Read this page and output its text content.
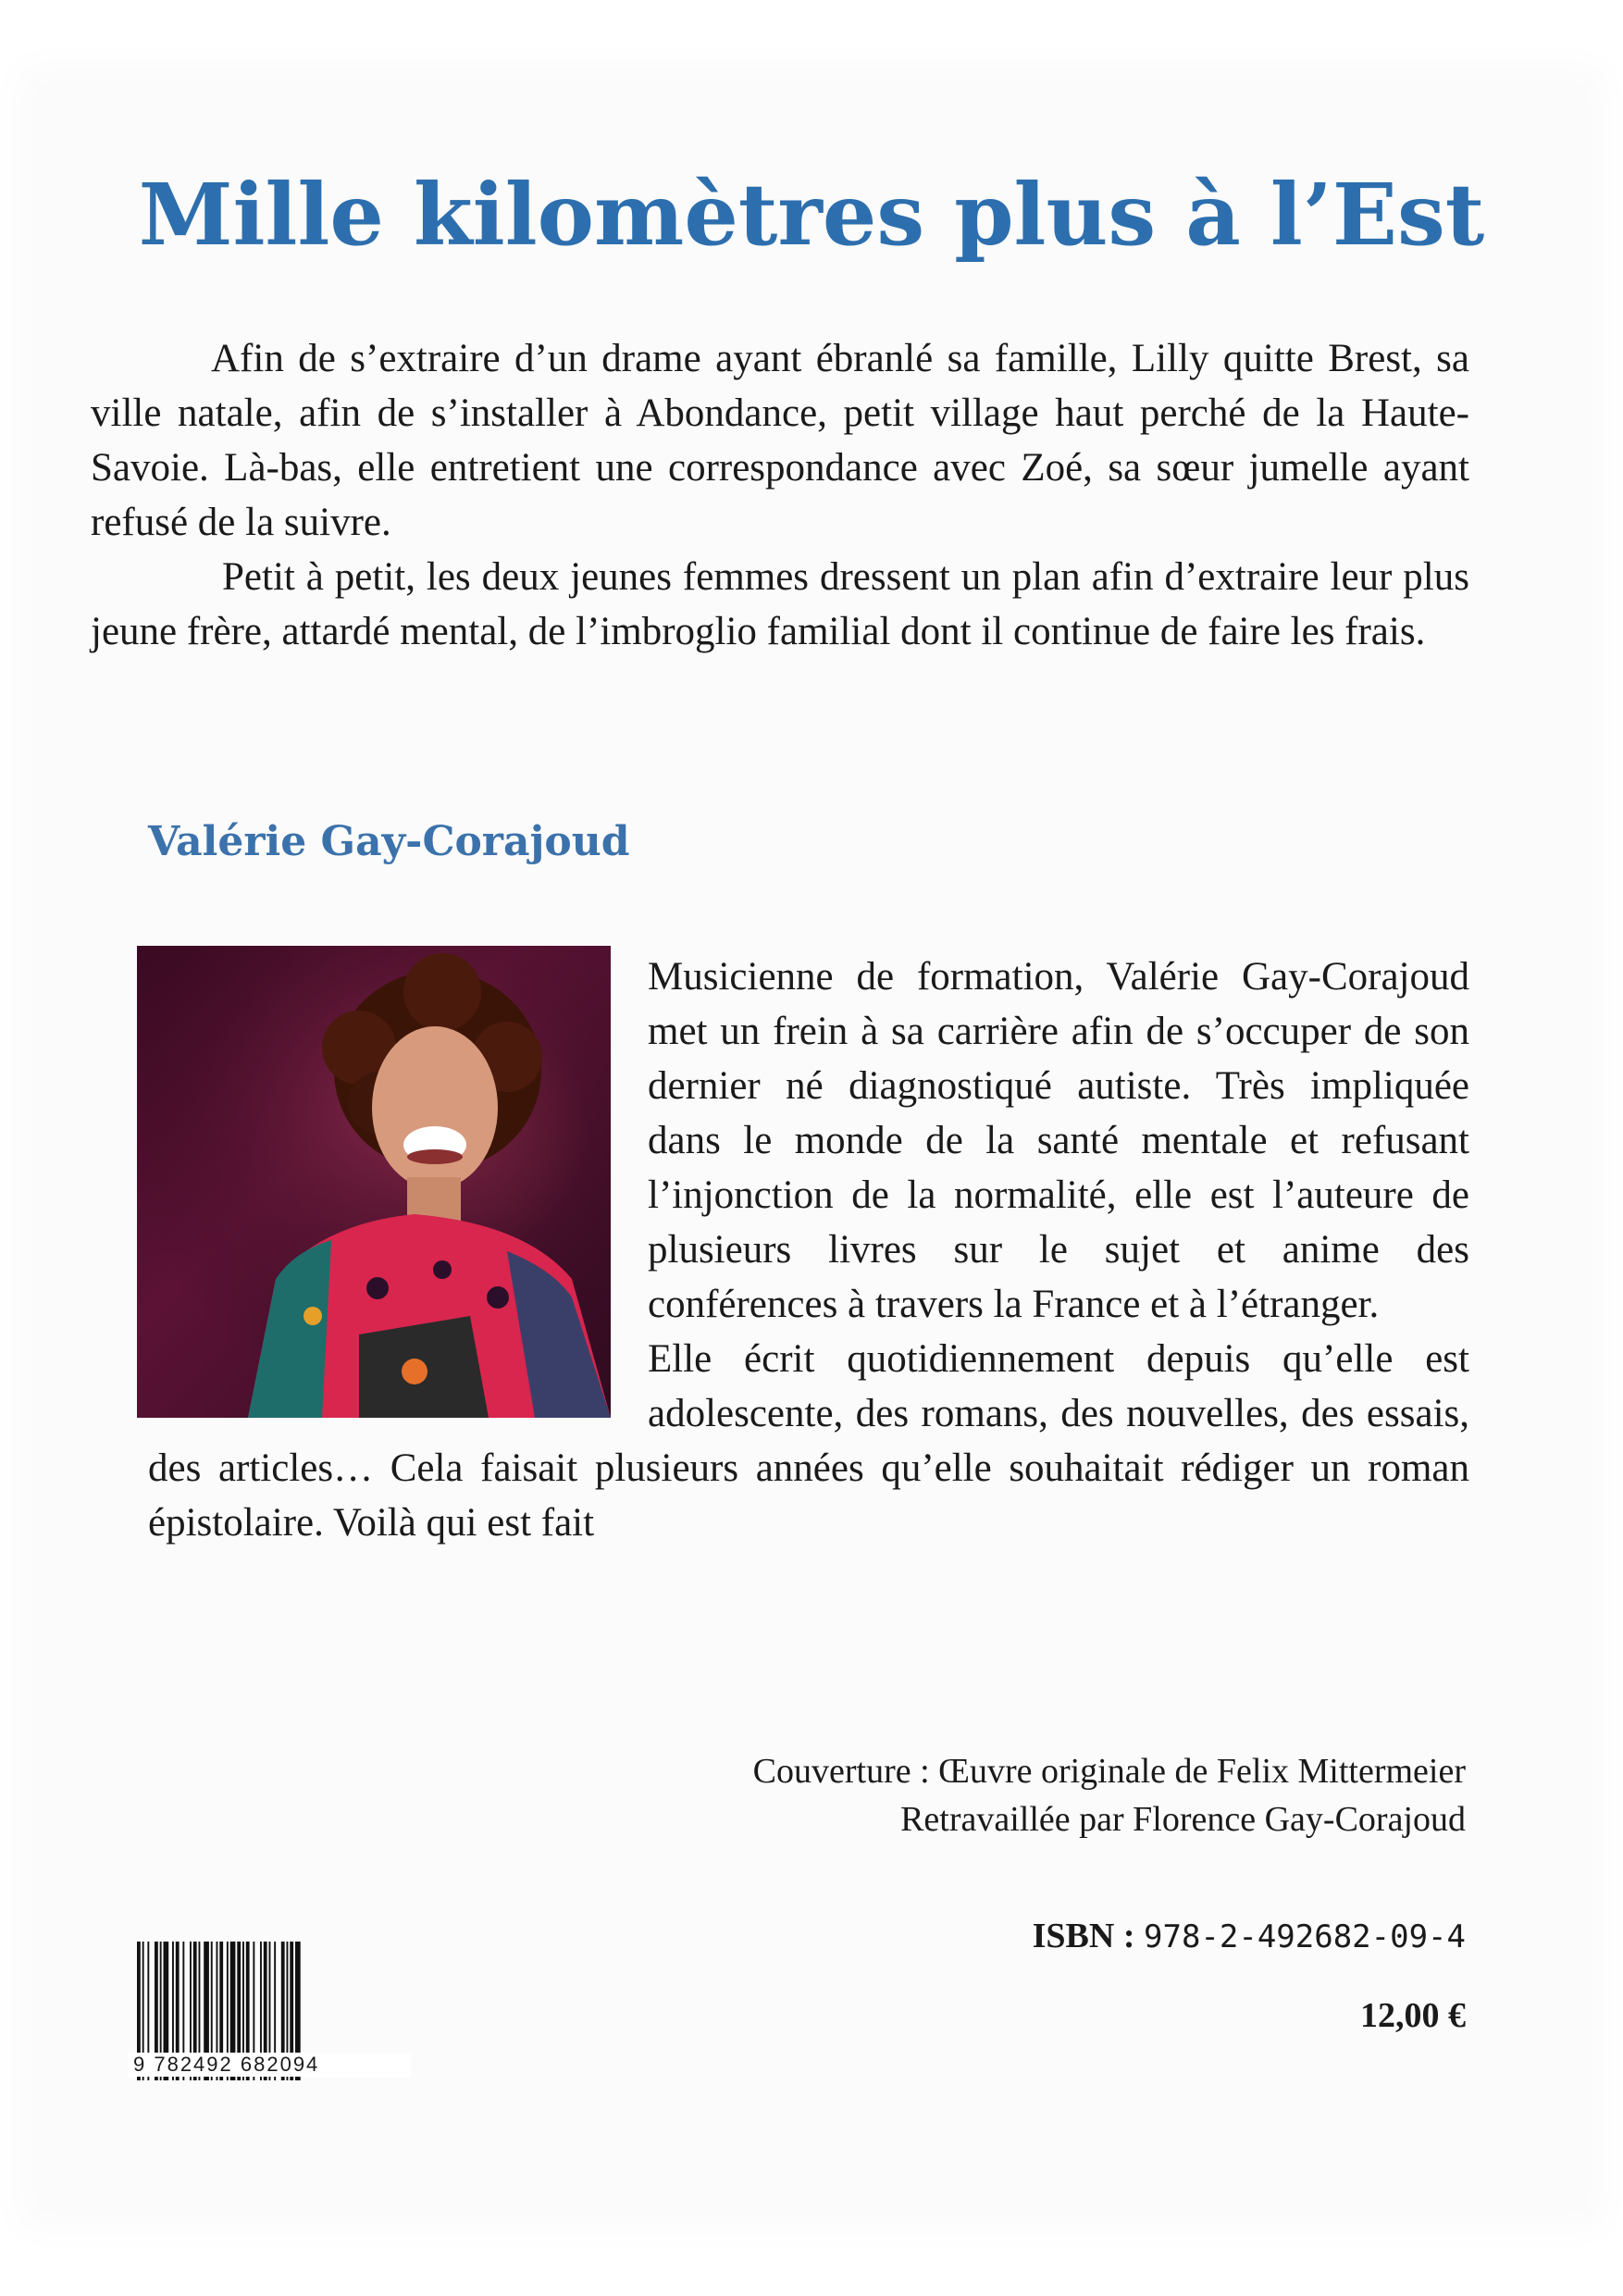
Mille kilomètres plus à l’Est

Afin de s’extraire d’un drame ayant ébranlé sa famille, Lilly quitte Brest, sa ville natale, afin de s’installer à Abondance, petit village haut perché de la Haute-Savoie. Là-bas, elle entretient une correspondance avec Zoé, sa sœur jumelle ayant refusé de la suivre.

Petit à petit, les deux jeunes femmes dressent un plan afin d’extraire leur plus jeune frère, attardé mental, de l’imbroglio familial dont il continue de faire les frais.

Valérie Gay-Corajoud

Musicienne de formation, Valérie Gay-Corajoud met un frein à sa carrière afin de s’occuper de son dernier né diagnostiqué autiste. Très impliquée dans le monde de la santé mentale et refusant l’injonction de la normalité, elle est l’auteure de plusieurs livres sur le sujet et anime des conférences à travers la France et à l’étranger.

Elle écrit quotidiennement depuis qu’elle est adolescente, des romans, des nouvelles, des essais, des articles… Cela faisait plusieurs années qu’elle souhaitait rédiger un roman épistolaire. Voilà qui est fait

Couverture : Œuvre originale de Felix Mittermeier
Retravaillée par Florence Gay-Corajoud
ISBN : 978-2-492682-09-4
12,00 €
9 782492 682094
